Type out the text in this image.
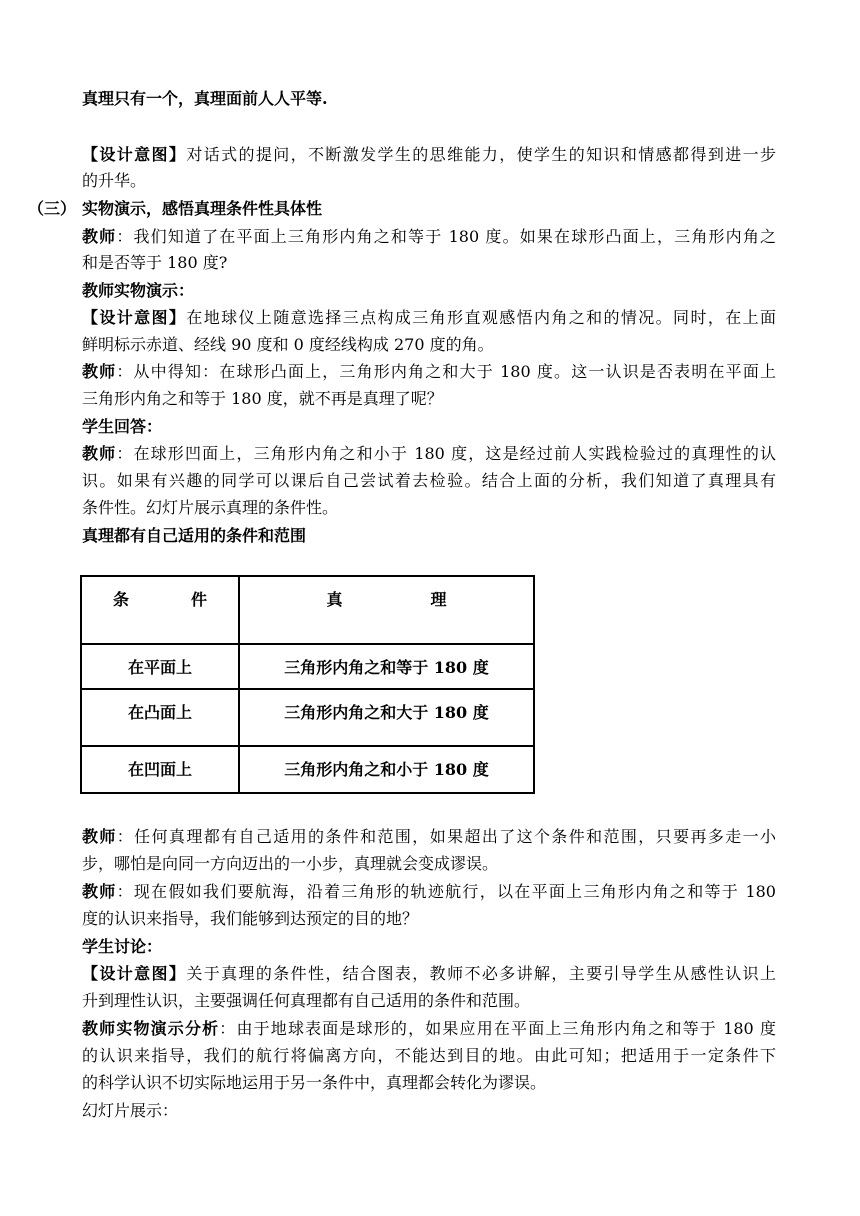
真理只有一个，真理面前人人平等.
【设计意图】对话式的提问，不断激发学生的思维能力，使学生的知识和情感都得到进一步
的升华。
（三） 实物演示，感悟真理条件性具体性
教师：我们知道了在平面上三角形内角之和等于 180 度。如果在球形凸面上，三角形内角之
和是否等于 180 度?
教师实物演示：
【设计意图】在地球仪上随意选择三点构成三角形直观感悟内角之和的情况。同时，在上面
鲜明标示赤道、经线 90 度和 0 度经线构成 270 度的角。
教师：从中得知：在球形凸面上，三角形内角之和大于 180 度。这一认识是否表明在平面上
三角形内角之和等于 180 度，就不再是真理了呢？
学生回答：
教师：在球形凹面上，三角形内角之和小于 180 度，这是经过前人实践检验过的真理性的认
识。如果有兴趣的同学可以课后自己尝试着去检验。结合上面的分析，我们知道了真理具有
条件性。幻灯片展示真理的条件性。
真理都有自己适用的条件和范围
条件	真理

在平面上	三角形内角之和等于 180 度

在凸面上	三角形内角之和大于 180 度

在凹面上	三角形内角之和小于 180 度
教师：任何真理都有自己适用的条件和范围，如果超出了这个条件和范围，只要再多走一小
步，哪怕是向同一方向迈出的一小步，真理就会变成谬误。
教师：现在假如我们要航海，沿着三角形的轨迹航行，以在平面上三角形内角之和等于 180
度的认识来指导，我们能够到达预定的目的地？
学生讨论：
【设计意图】关于真理的条件性，结合图表，教师不必多讲解，主要引导学生从感性认识上
升到理性认识，主要强调任何真理都有自己适用的条件和范围。
教师实物演示分析：由于地球表面是球形的，如果应用在平面上三角形内角之和等于 180 度
的认识来指导，我们的航行将偏离方向，不能达到目的地。由此可知；把适用于一定条件下
的科学认识不切实际地运用于另一条件中，真理都会转化为谬误。
幻灯片展示：
